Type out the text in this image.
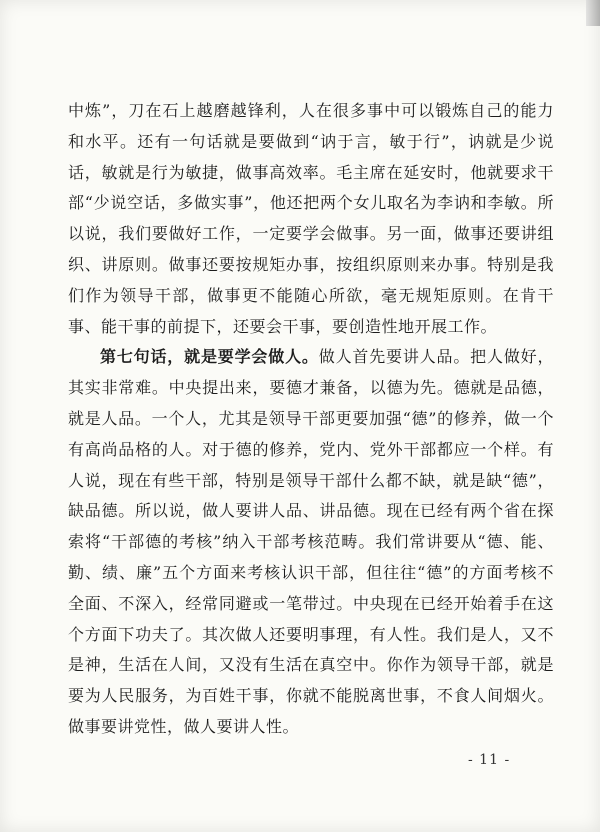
中炼”，刀在石上越磨越锋利，人在很多事中可以锻炼自己的能力和水平。还有一句话就是要做到“讷于言，敏于行”，讷就是少说话，敏就是行为敏捷，做事高效率。毛主席在延安时，他就要求干部“少说空话，多做实事”，他还把两个女儿取名为李讷和李敏。所以说，我们要做好工作，一定要学会做事。另一面，做事还要讲组织、讲原则。做事还要按规矩办事，按组织原则来办事。特别是我们作为领导干部，做事更不能随心所欲，毫无规矩原则。在肯干事、能干事的前提下，还要会干事，要创造性地开展工作。

第七句话，就是要学会做人。做人首先要讲人品。把人做好，其实非常难。中央提出来，要德才兼备，以德为先。德就是品德，就是人品。一个人，尤其是领导干部更要加强“德”的修养，做一个有高尚品格的人。对于德的修养，党内、党外干部都应一个样。有人说，现在有些干部，特别是领导干部什么都不缺，就是缺“德”，缺品德。所以说，做人要讲人品、讲品德。现在已经有两个省在探索将“干部德的考核”纳入干部考核范畴。我们常讲要从“德、能、勤、绩、廉”五个方面来考核认识干部，但往往“德”的方面考核不全面、不深入，经常同避或一笔带过。中央现在已经开始着手在这个方面下功夫了。其次做人还要明事理，有人性。我们是人，又不是神，生活在人间，又没有生活在真空中。你作为领导干部，就是要为人民服务，为百姓干事，你就不能脱离世事，不食人间烟火。做事要讲党性，做人要讲人性。

- 11 -
